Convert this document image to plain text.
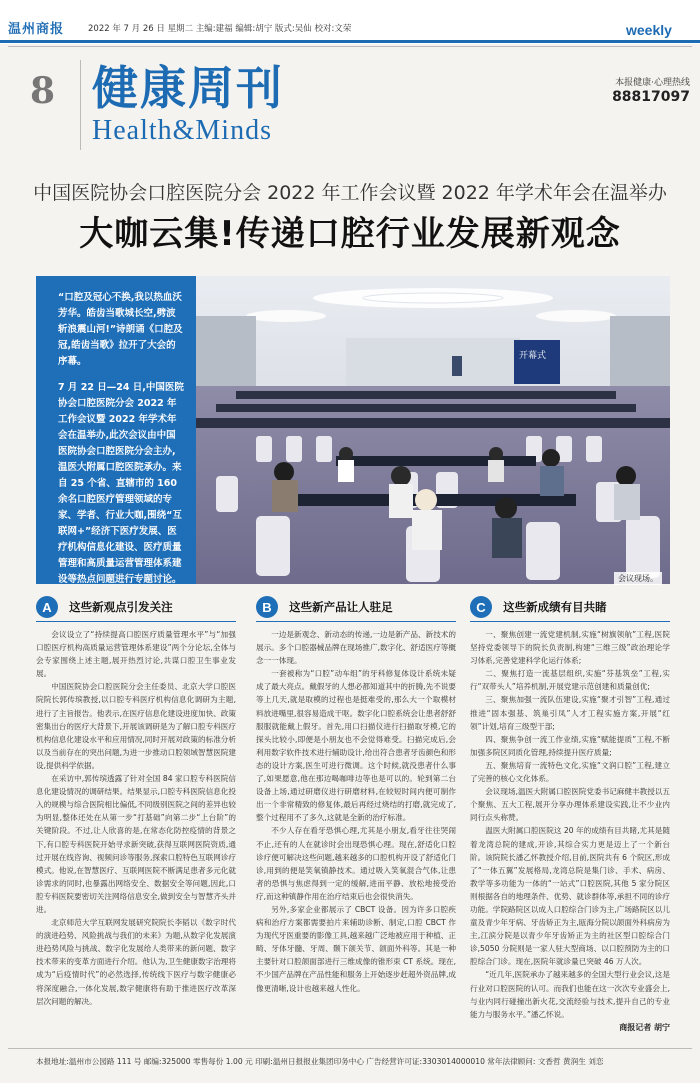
温州商报	2022 年 7 月 26 日 星期二 主编:建福 编辑:胡宁 版式:吴仙 校对:文荣	weekly
8 健康周刊
Health&Minds
本报健康·心理热线
88817097
中国医院协会口腔医院分会 2022 年工作会议暨 2022 年学术年会在温举办
大咖云集!传递口腔行业发展新观念

“口腔及冠心不换,我以热血沃芳华。皓齿当歌城长空,劈波斩浪震山河!”诗朗诵《口腔及冠,皓齿当歌》拉开了大会的序幕。

7 月 22 日—24 日,中国医院协会口腔医院分会 2022 年工作会议暨 2022 年学术年会在温举办,此次会议由中国医院协会口腔医院分会主办,温医大附属口腔医院承办。来自 25 个省、直辖市的 160 余名口腔医疗管理领域的专家、学者、行业大咖,围绕“互联网+”经济下医疗发展、医疗机构信息化建设、医疗质量管理和高质量运营管理体系建设等热点问题进行专题讨论。

开幕式
会议现场。
A 这些新观点引发关注

会议设立了“持续提高口腔医疗质量管理水平”与“加强口腔医疗机构高质量运营管理体系建设”两个分论坛,全体与会专家围绕上述主题,展开热烈讨论,共谋口腔卫生事业发展。

中国医院协会口腔医院分会主任委员、北京大学口腔医院院长郭传瑸教授,以口腔专科医疗机构信息化调研为主题,进行了主旨报告。他表示,在医疗信息化建设进度加快、政策密集出台的医疗大背景下,开展该调研是为了解口腔专科医疗机构信息化建设水平和应用情况,同时开展对政策的标准分析以及当前存在的突出问题,为进一步推动口腔领域智慧医院建设,提供科学依据。

在采访中,郭传瑸透露了针对全国 84 家口腔专科医院信息化建设情况的调研结果。结果显示,口腔专科医院信息化投入的规模与综合医院相比偏低,不同级别医院之间的差异也较为明显,整体还处在从第一步“打基础”向第二步“上台阶”的关键阶段。不过,让人欣喜的是,在常态化防控疫情的背景之下,有口腔专科医院开始寻求新突破,获得互联网医院资质,通过开展在线咨询、视频问诊等服务,探索口腔特色互联网诊疗模式。他说,在智慧医疗、互联网医院不断满足患者多元化就诊需求的同时,也暴露出网络安全、数据安全等问题,因此,口腔专科医院要密切关注网络信息安全,做到安全与智慧齐头并进。

北京师范大学互联网发展研究院院长李韬以《数字时代的演进趋势、风险挑战与我们的未来》为题,从数字化发展演进趋势风险与挑战、数字化发展给人类带来的新问题、数字技术带来的变革方面进行介绍。他认为,卫生健康数字治理将成为“后疫情时代”的必然选择,传统线下医疗与数字健康必将深度融合,一体化发展,数字健康将有助于推进医疗改革深层次问题的解决。

B 这些新产品让人驻足

一边是新观念、新动态的传递,一边是新产品、新技术的展示。多个口腔器械品牌在现场推广,数字化、舒适医疗等概念一一体现。

一套被称为“口腔”动车组”的牙科修复体设计系统未疑成了最大亮点。戴假牙的人想必都知道其中的折腾,先不说要等上几天,就是取模的过程也是挺难受的,那么大一个取模材料放进嘴里,很容易造成干呕。数字化口腔系统会让患者舒舒服服就能戴上假牙。首先,用口扫描仪进行扫描取牙模,它的探头比较小,即便是小朋友也不会觉得难受。扫描完成后,会利用数字软件技术进行辅助设计,给出符合患者牙齿颜色和形态的设计方案,医生可进行微调。这个时候,就没患者什么事了,如果愿意,他在那边喝咖啡边等也是可以的。轮到第二台设备上场,通过研磨仪进行研磨材料,在较短时间内便可制作出一个非常精致的修复体,最后再经过烧结的打磨,就完成了,整个过程用不了多久,这就是全新的治疗标准。

不少人存在看牙恐惧心理,尤其是小朋友,看牙往往哭闹不止,还有的人在就诊时会出现恐惧心理。现在,舒适化口腔诊疗便可解决这些问题,越来越多的口腔机构开设了舒适化门诊,用到的便是笑氧镇静技术。通过吸入笑氧混合气体,让患者的恐惧与焦虑得到一定的缓解,进而平静、放松地接受治疗,而这种镇静作用在治疗结束后也会很快消失。

另外,多家企业都展示了 CBCT 设备。因为许多口腔疾病和治疗方案都需要拍片来辅助诊断、制定,口腔 CBCT 作为现代牙医重要的影像工具,越来越广泛地被应用于种植、正畸、牙体牙髓、牙周、颞下颌关节、颌面外科等。其是一种主要针对口腔颌面部进行三维成像的锥形束 CT 系统。现在,不少国产品牌在产品性能和服务上开始逐步赶超外资品牌,成像更清晰,设计也越来越人性化。

C 这些新成绩有目共睹

一、聚焦创建一流党建机制,实施“树旗领航”工程,医院坚持党委领导下的院长负责制,构建“三维三级”政治理论学习体系,完善党建科学化运行体系;

二、聚焦打造一流基层组织,实施“芬基筑垒”工程,实行“双带头人”培养机制,开展党建示范创建和质量创优;

三、聚焦加强一流队伍建设,实施“聚才引智”工程,通过推进“固本强基、筑巢引凤”人才工程实施方案,开展“红领”计划,培育三级型干部;

四、聚焦争创一流工作业绩,实施“赋能提质”工程,不断加强多院区同质化管理,持续提升医疗质量;

五、聚焦培育一流特色文化,实施“文润口腔”工程,建立了完善的核心文化体系。

会议现场,温医大附属口腔医院党委书记麻健丰教授以五个聚焦、五大工程,展开分享办理体系建设实践,让不少业内同行点头称赞。

温医大附属口腔医院这 20 年的成绩有目共睹,尤其是随着龙湾总院的建成,开诊,其综合实力更是迈上了一个新台阶。该院院长潘乙怀教授介绍,目前,医院共有 6 个院区,形成了“一体五翼”发展格局,龙湾总院是集门诊、手术、病房、教学等多功能为一体的“一站式”口腔医院,其他 5 家分院区则根据各自的地理条件、优势、就诊群体等,承担不同的诊疗功能。学院路院区以成人口腔综合门诊为主,广场路院区以儿童及青少年牙病、牙齿矫正为主,瓯海分院以颌面外科病房为主,江滨分院是以青少年牙齿矫正为主的社区型口腔综合门诊,5050 分院则是一家人驻大型商场、以口腔预防为主的口腔综合门诊。现在,医院年就诊量已突破 46 万人次。

“近几年,医院承办了越来越多的全国大型行业会议,这是行业对口腔医院的认可。而我们也能在这一次次专业盛会上,与业内同行碰撞出新火花,交流经验与技术,提升自己的专业能力与服务水平。”潘乙怀说。

商报记者 胡宁
本报地址:温州市公园路 111 号 邮编:325000 零售每份 1.00 元 印刷:温州日报报业集团印务中心 广告经营许可证:3303014000010 常年法律顾问: 文香哲 黄润生 刘恋
